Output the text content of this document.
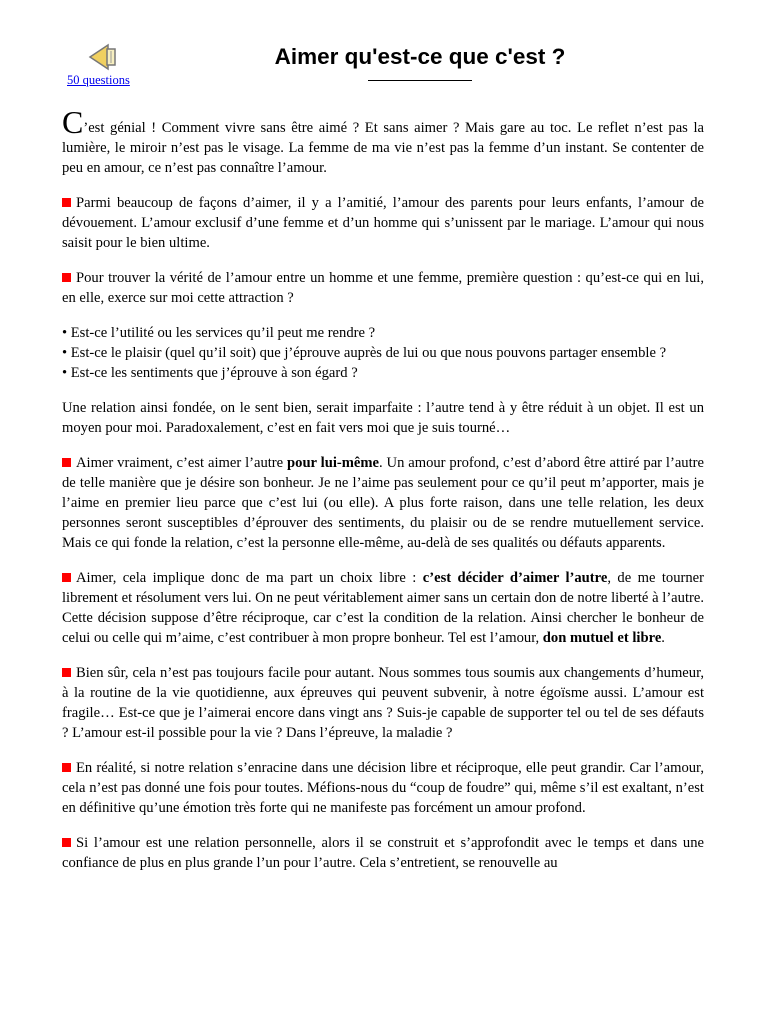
50 questions
Aimer qu'est-ce que c'est ?

C’est génial ! Comment vivre sans être aimé ? Et sans aimer ? Mais gare au toc. Le reflet n’est pas la lumière, le miroir n’est pas le visage. La femme de ma vie n’est pas la femme d’un instant. Se contenter de peu en amour, ce n’est pas connaître l’amour.

Parmi beaucoup de façons d’aimer, il y a l’amitié, l’amour des parents pour leurs enfants, l’amour de dévouement. L’amour exclusif d’une femme et d’un homme qui s’unissent par le mariage. L’amour qui nous saisit pour le bien ultime.

Pour trouver la vérité de l’amour entre un homme et une femme, première question : qu’est-ce qui en lui, en elle, exerce sur moi cette attraction ?

• Est-ce l’utilité ou les services qu’il peut me rendre ?
• Est-ce le plaisir (quel qu’il soit) que j’éprouve auprès de lui ou que nous pouvons partager ensemble ?
• Est-ce les sentiments que j’éprouve à son égard ?

Une relation ainsi fondée, on le sent bien, serait imparfaite : l’autre tend à y être réduit à un objet. Il est un moyen pour moi. Paradoxalement, c’est en fait vers moi que je suis tourné…

Aimer vraiment, c’est aimer l’autre pour lui-même. Un amour profond, c’est d’abord être attiré par l’autre de telle manière que je désire son bonheur. Je ne l’aime pas seulement pour ce qu’il peut m’apporter, mais je l’aime en premier lieu parce que c’est lui (ou elle). A plus forte raison, dans une telle relation, les deux personnes seront susceptibles d’éprouver des sentiments, du plaisir ou de se rendre mutuellement service. Mais ce qui fonde la relation, c’est la personne elle-même, au-delà de ses qualités ou défauts apparents.

Aimer, cela implique donc de ma part un choix libre : c’est décider d’aimer l’autre, de me tourner librement et résolument vers lui. On ne peut véritablement aimer sans un certain don de notre liberté à l’autre. Cette décision suppose d’être réciproque, car c’est la condition de la relation. Ainsi chercher le bonheur de celui ou celle qui m’aime, c’est contribuer à mon propre bonheur. Tel est l’amour, don mutuel et libre.

Bien sûr, cela n’est pas toujours facile pour autant. Nous sommes tous soumis aux changements d’humeur, à la routine de la vie quotidienne, aux épreuves qui peuvent subvenir, à notre égoïsme aussi. L’amour est fragile… Est-ce que je l’aimerai encore dans vingt ans ? Suis-je capable de supporter tel ou tel de ses défauts ? L’amour est-il possible pour la vie ? Dans l’épreuve, la maladie ?

En réalité, si notre relation s’enracine dans une décision libre et réciproque, elle peut grandir. Car l’amour, cela n’est pas donné une fois pour toutes. Méfions-nous du “coup de foudre” qui, même s’il est exaltant, n’est en définitive qu’une émotion très forte qui ne manifeste pas forcément un amour profond.

Si l’amour est une relation personnelle, alors il se construit et s’approfondit avec le temps et dans une confiance de plus en plus grande l’un pour l’autre. Cela s’entretient, se renouvelle au
